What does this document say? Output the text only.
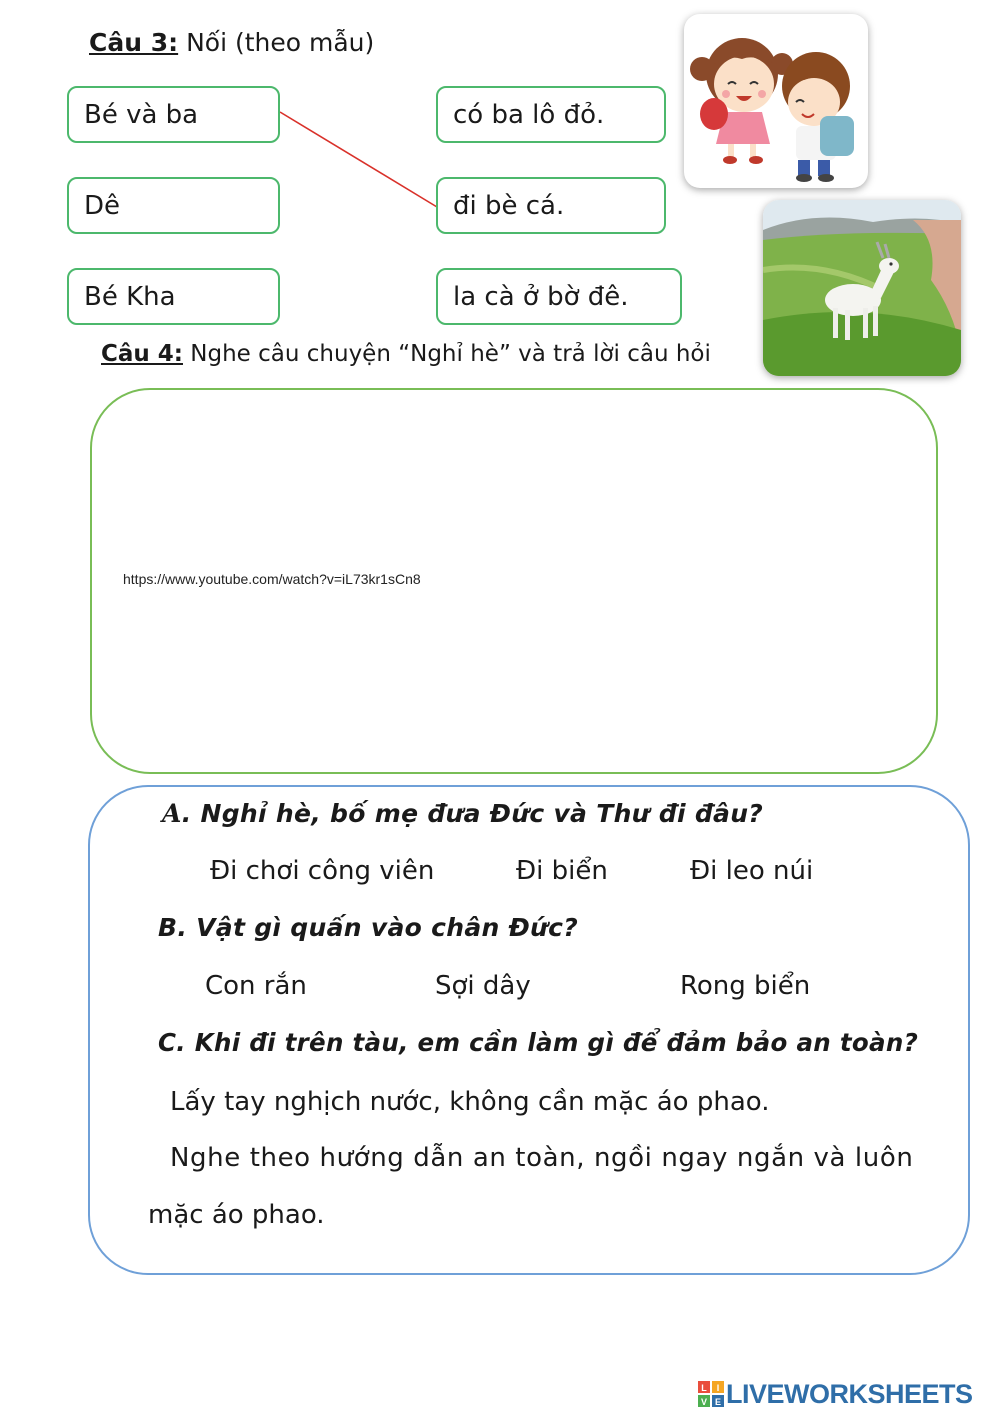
Câu 3: Nối (theo mẫu)
Bé và ba
Dê
Bé Kha
có ba lô đỏ.
đi bè cá.
la cà ở bờ đê.
Câu 4: Nghe câu chuyện “Nghỉ hè” và trả lời câu hỏi
https://www.youtube.com/watch?v=iL73kr1sCn8
A. Nghỉ hè, bố mẹ đưa Đức và Thư đi đâu?
Đi chơi công viên	Đi biển	Đi leo núi
B. Vật gì quấn vào chân Đức?
Con rắn	Sợi dây	Rong biển
C. Khi đi trên tàu, em cần làm gì để đảm bảo an toàn?
Lấy tay nghịch nước, không cần mặc áo phao.
Nghe theo hướng dẫn an toàn, ngồi ngay ngắn và luôn
mặc áo phao.
L I
V E LIVEWORKSHEETS
